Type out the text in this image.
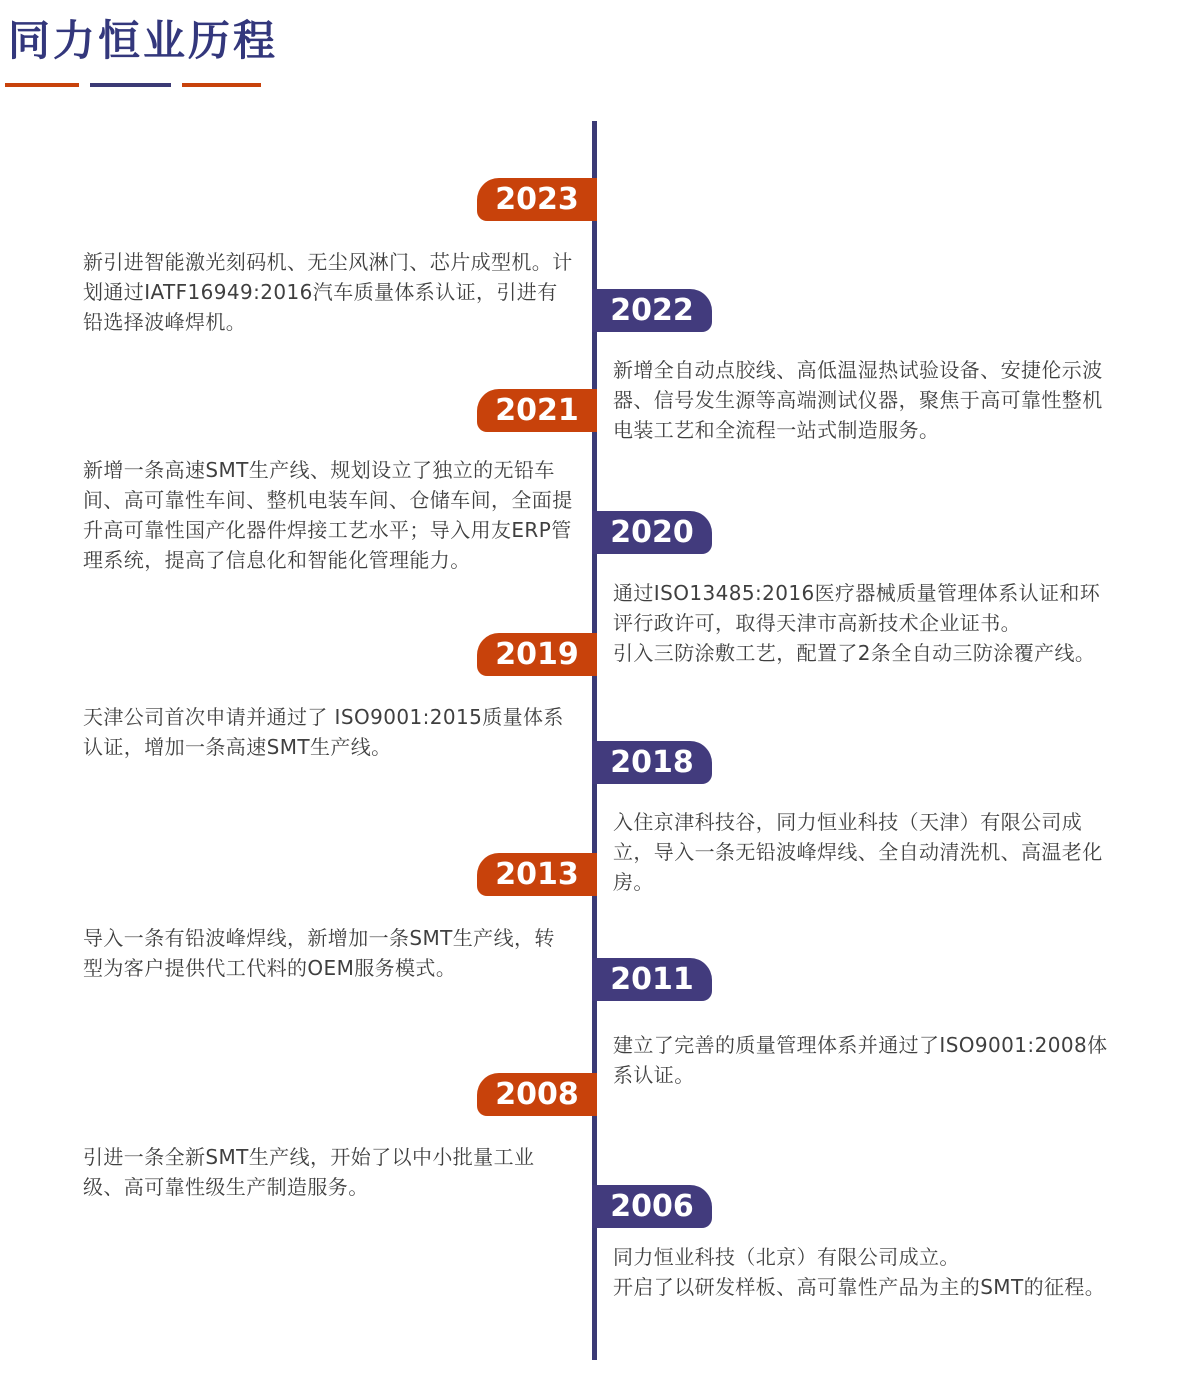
同力恒业历程
2023

新引进智能激光刻码机、无尘风淋门、芯片成型机。计划通过IATF16949:2016汽车质量体系认证，引进有铅选择波峰焊机。	2022

新增全自动点胶线、高低温湿热试验设备、安捷伦示波器、信号发生源等高端测试仪器，聚焦于高可靠性整机电装工艺和全流程一站式制造服务。

2021

新增一条高速SMT生产线、规划设立了独立的无铅车间、高可靠性车间、整机电装车间、仓储车间，全面提升高可靠性国产化器件焊接工艺水平；导入用友ERP管理系统，提高了信息化和智能化管理能力。

2020

通过ISO13485:2016医疗器械质量管理体系认证和环评行政许可，取得天津市高新技术企业证书。

引入三防涂敷工艺，配置了2条全自动三防涂覆产线。

2019

天津公司首次申请并通过了 ISO9001:2015质量体系认证，增加一条高速SMT生产线。	2018

入住京津科技谷，同力恒业科技（天津）有限公司成立，导入一条无铅波峰焊线、全自动清洗机、高温老化房。

2013

导入一条有铅波峰焊线，新增加一条SMT生产线，转型为客户提供代工代料的OEM服务模式。	2011

建立了完善的质量管理体系并通过了ISO9001:2008体系认证。

2008

引进一条全新SMT生产线，开始了以中小批量工业级、高可靠性级生产制造服务。

2006

同力恒业科技（北京）有限公司成立。

开启了以研发样板、高可靠性产品为主的SMT的征程。
